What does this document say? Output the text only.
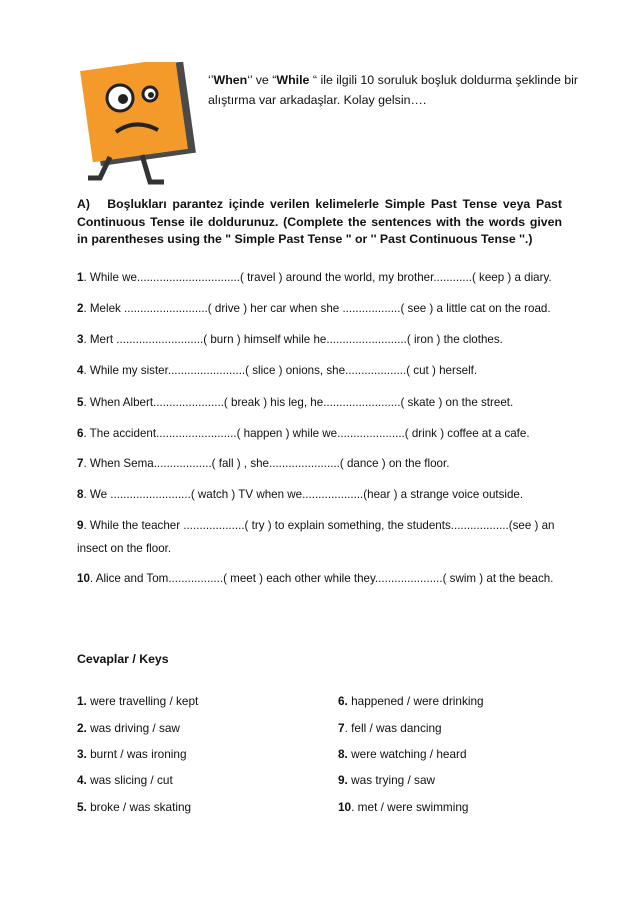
‘’When‘’ ve “While “ ile ilgili 10 soruluk boşluk doldurma şeklinde bir alıştırma var arkadaşlar. Kolay gelsin….
A) Boşlukları parantez içinde verilen kelimelerle Simple Past Tense veya Past Continuous Tense ile doldurunuz. (Complete the sentences with the words given in parentheses using the " Simple Past Tense " or '' Past Continuous Tense ''.)
1. While we................................( travel ) around the world, my brother............( keep ) a diary.
2. Melek ..........................( drive ) her car when she ..................( see ) a little cat on the road.
3. Mert ...........................( burn ) himself while he.........................( iron ) the clothes.
4. While my sister........................( slice ) onions, she...................( cut ) herself.
5. When Albert......................( break ) his leg, he........................( skate ) on the street.
6. The accident.........................( happen ) while we.....................( drink ) coffee at a cafe.
7. When Sema..................( fall ) , she......................( dance ) on the floor.
8. We .........................( watch ) TV when we...................(hear ) a strange voice outside.
9. While the teacher ...................( try ) to explain something, the students..................(see ) an insect on the floor.
10. Alice and Tom.................( meet ) each other while they.....................( swim ) at the beach.
Cevaplar / Keys
1. were travelling / kept
2. was driving / saw
3. burnt / was ironing
4. was slicing / cut
5. broke / was skating
6. happened / were drinking
7. fell / was dancing
8. were watching / heard
9. was trying / saw
10. met / were swimming
